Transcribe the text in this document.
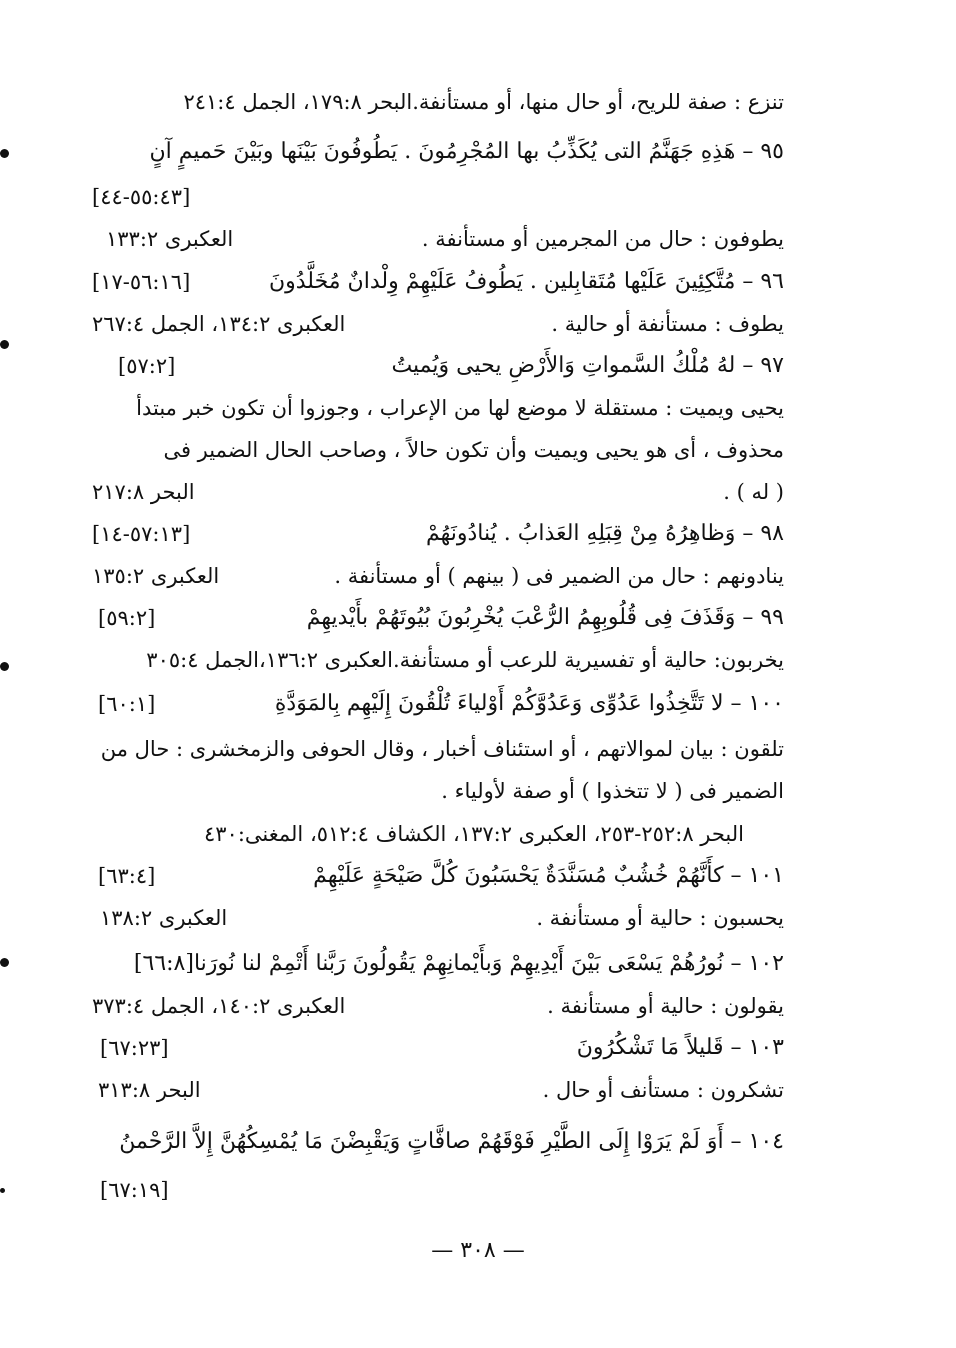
تنزع : صفة للريح، أو حال منها، أو مستأنفة.البحر ١٧٩:٨، الجمل ٢٤١:٤
٩٥ – هَذِهِ جَهَنَّمُ التى يُكَذِّبُ بها المُجْرِمُونَ . يَطُوفُونَ بَيْنَها وبَيْنَ حَميمٍ آنٍ
[٥٥:٤٣-٤٤]
يطوفون : حال من المجرمين أو مستأنفة .
العكبرى ١٣٣:٢
٩٦ – مُتَّكِئِينَ عَلَيْها مُتَقابِلين . يَطُوفُ عَلَيْهِمْ وِلْدانٌ مُخَلَّدُونَ
[٥٦:١٦-١٧]
يطوف : مستأنفة أو حالية .
العكبرى ١٣٤:٢، الجمل ٢٦٧:٤
٩٧ – لهُ مُلْكُ السَّمواتِ وَالأَرْضِ يحيى وَيُميتُ
[٥٧:٢]
يحيى ويميت : مستقلة لا موضع لها من الإعراب ، وجوزوا أن تكون خبر مبتدأ
محذوف ، أى هو يحيى ويميت وأن تكون حالاً ، وصاحب الحال الضمير فى
( له ) .
البحر ٢١٧:٨
٩٨ – وَظاهِرُهُ مِنْ قِبَلِهِ العَذابُ . يُنادُونَهُمْ
[٥٧:١٣-١٤]
ينادونهم : حال من الضمير فى ( بينهم ) أو مستأنفة .
العكبرى ١٣٥:٢
٩٩ – وَقَذَفَ فِى قُلُوبِهِمُ الرُّعْبَ يُخْرِبُونَ بُيُوتَهُمْ بأَيْديهِمْ
[٥٩:٢]
يخربون: حالية أو تفسيرية للرعب أو مستأنفة.العكبرى ١٣٦:٢،الجمل ٣٠٥:٤
١٠٠ – لا تَتَّخِذُوا عَدُوِّى وَعَدُوَّكُمْ أَوْلياءَ تُلْقُونَ إِلَيْهِم بِالمَوَدَّةِ
[٦٠:١]
تلقون : بيان لموالاتهم ، أو استئناف أخبار ، وقال الحوفى والزمخشرى : حال من
الضمير فى ( لا تتخذوا ) أو صفة لأولياء .
البحر ٢٥٢:٨-٢٥٣، العكبرى ١٣٧:٢، الكشاف ٥١٢:٤، المغنى:٤٣٠
١٠١ – كأَنَّهُمْ خُشُبٌ مُسَنَّدَةٌ يَحْسَبُونَ كُلَّ صَيْحَةٍ عَلَيْهِمْ
[٦٣:٤]
يحسبون : حالية أو مستأنفة .
العكبرى ١٣٨:٢
١٠٢ – نُورُهُمْ يَسْعَى بَيْنَ أَيْدِيهِمْ وَبأَيْمانِهِمْ يَقُولُونَ رَبَّنا أَتْمِمْ لنا نُورَنا[٦٦:٨]
يقولون : حالية أو مستأنفة .
العكبرى ١٤٠:٢، الجمل ٣٧٣:٤
١٠٣ – قَليلاً مَا تَشْكُرُونَ
[٦٧:٢٣]
تشكرون : مستأنف أو حال .
البحر ٣١٣:٨
١٠٤ – أَوَ لَمْ يَرَوْا إِلَى الطَّيْرِ فَوْقَهُمْ صافَّاتٍ وَيَقْبِضْنَ مَا يُمْسِكُهُنَّ إِلاَّ الرَّحْمنُ
[٦٧:١٩]
— ٣٠٨ —
